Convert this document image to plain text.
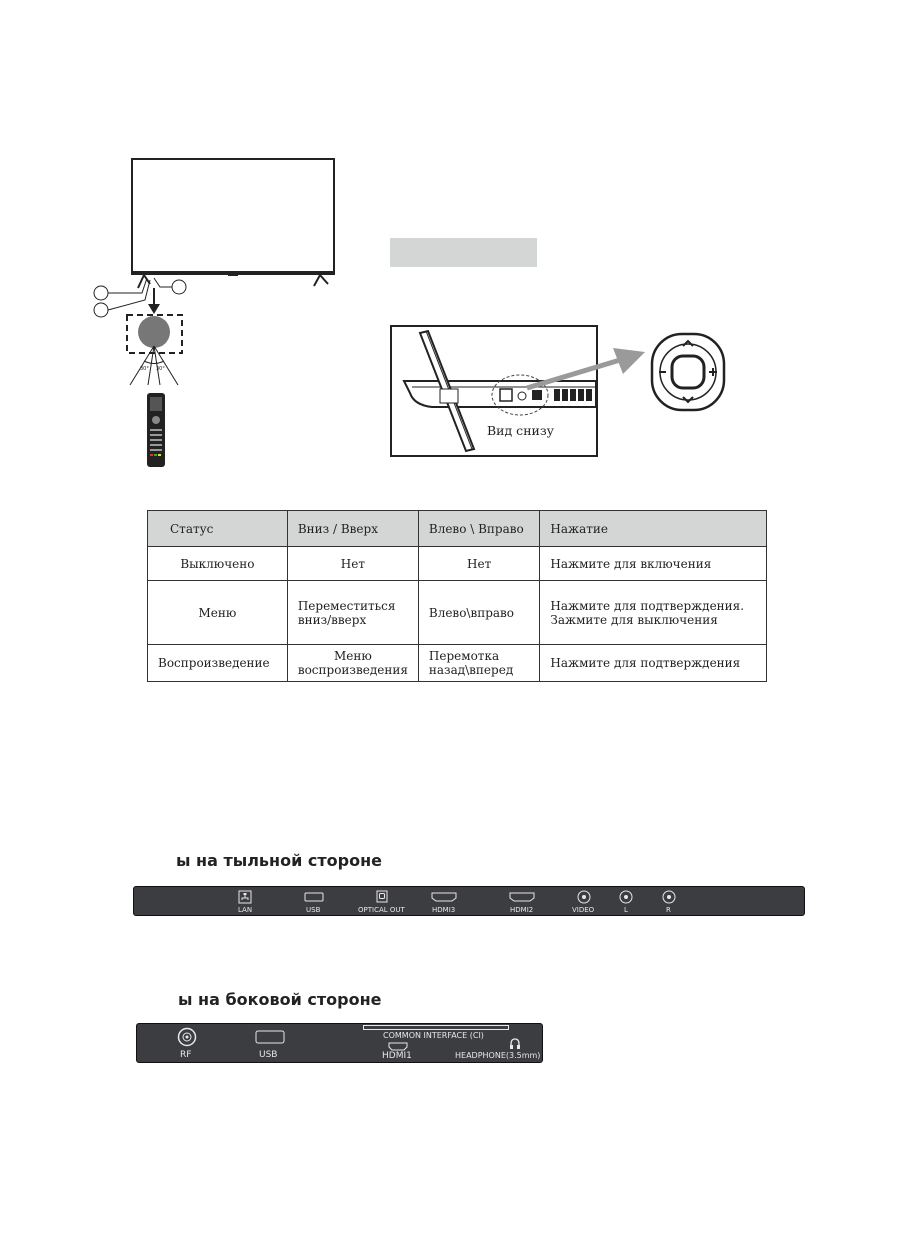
30° 30°
Вид снизу
Статус	Вниз / Вверх	Влево \ Вправо	Нажатие
Выключено	Нет	Нет	Нажмите для включения
Меню	Переместиться вниз/вверх	Влево\вправо	Нажмите для подтверждения. Зажмите для выключения
Воспроизведение	Меню воспроизведения	Перемотка назад\вперед	Нажмите для подтверждения
ы на тыльной стороне
LAN	USB	OPTICAL OUT	HDMI3	HDMI2	VIDEO	L	R
ы на боковой стороне
RF	USB
COMMON INTERFACE (CI)
HDMI1	HEADPHONE(3.5mm)
